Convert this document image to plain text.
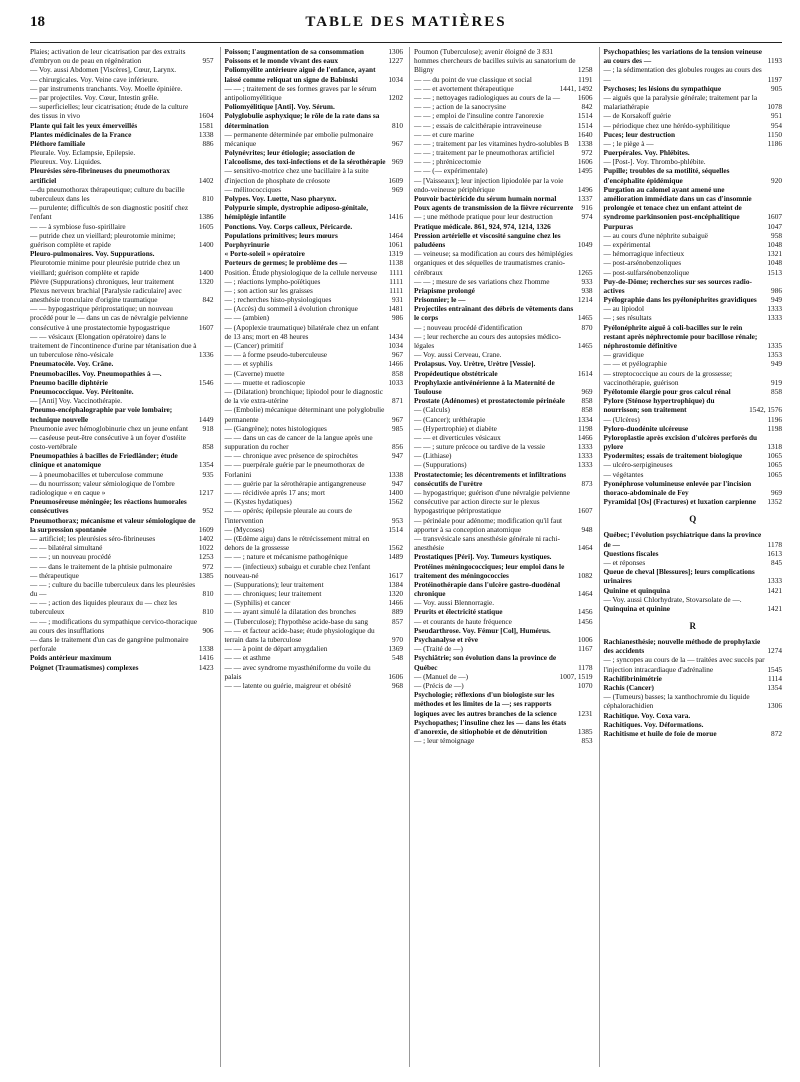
18	TABLE DES MATIÈRES
Plaies; activation de leur cicatrisation par des extraits d'embryon ou de peau en régénération	957
— Voy. aussi Abdomen [Viscères], Cœur, Larynx.
— chirurgicales. Voy. Veine cave inférieure.
— par instruments tranchants. Voy. Moelle épinière.
— par projectiles. Voy. Cœur, Intestin grêle.
— superficielles; leur cicatrisation; étude de la culture des tissus in vivo	1604
Plante qui fait les yeux émerveillés	1581
Plantes médicinales de la France	1338
Pléthore familiale	886
Pleurale. Voy. Eclampsie, Epilepsie.
Pleureux. Voy. Liquides.
Pleurésies séro-fibrineuses du pneumothorax artificiel	1402
—du pneumothorax thérapeutique; culture du bacille tuberculeux dans les	810
— purulente; difficultés de son diagnostic positif chez l'enfant	1386
— — à symbiose fuso-spirillaire	1605
— putride chez un vieillard; pleurotomie minime; guérison complète et rapide	1400
Pleuro-pulmonaires. Voy. Suppurations.
Pleurotomie minime pour pleurésie putride chez un vieillard; guérison complète et rapide	1400
Plèvre (Suppurations) chroniques, leur traitement	1320
Plexus nerveux brachial [Paralysie radiculaire] avec anesthésie tronculaire d'origine traumatique	842
— — hypogastrique périprostatique; un nouveau procédé pour le — dans un cas de névralgie pelvienne consécutive à une prostatectomie hypogastrique	1607
— — vésicaux (Elongation opératoire) dans le traitement de l'incontinence d'urine par tétanisation due à un tuberculose réno-vésicale	1336
Pneumatocèle. Voy. Crâne.
Pneumobacilles. Voy. Pneumopathies à —.
Pneumo bacille diphtérie	1546
Pneumococcique. Voy. Péritonite.
— [Anti] Voy. Vaccinothérapie.
Pneumo-encéphalographie par voie lombaire; technique nouvelle	1449
Pneumonie avec hémoglobinurie chez un jeune enfant	918
— caséeuse peut-être consécutive à un foyer d'ostéite costo-vertébrale	858
Pneumopathies à bacilles de Friedländer; étude clinique et anatomique	1354
— à pneumobacilles et tuberculose commune	935
— du nourrisson; valeur sémiologique de l'ombre radiologique « en caque »	1217
Pneumoséreuse méningée; les réactions humorales consécutives	952
Pneumothorax; mécanisme et valeur sémiologique de la surpression spontanée	1609
— artificiel; les pleurésies séro-fibrineuses	1402
— — bilatéral simultané	1022
— — ; un nouveau procédé	1253
— — dans le traitement de la phtisie pulmonaire	972
— thérapeutique	1385
— — ; culture du bacille tuberculeux dans les pleurésies du —	810
— — ; action des liquides pleuraux du — chez les tuberculeux	810
— — ; modifications du sympathique cervico-thoracique au cours des insufflations	906
— dans le traitement d'un cas de gangrène pulmonaire perforale	1338
Poids antérieur maximum	1416
Poignet (Traumatismes) complexes	1423
Poisson; l'augmentation de sa consommation	1306
Poissons et le monde vivant des eaux	1227
Poliomyélite antérieure aiguë de l'enfance, ayant laissé comme reliquat un signe de Babinski	1034
— — ; traitement de ses formes graves par le sérum antipoliomyélitique	1202
Poliomyélitique [Anti]. Voy. Sérum.
Polyglobulie asphyxique; le rôle de la rate dans sa détermination	810
— permanente déterminée par embolie pulmonaire mécanique	967
Polynévrites; leur étiologie; association de l'alcoolisme, des toxi-infections et de la sérothérapie 969
— sensitivo-motrice chez une bacillaire à la suite d'injection de phosphate de créosote	1609
— mélitococciques	969
Polypes. Voy. Luette, Naso pharynx.
Polypurie simple, dystrophie adiposo-génitale, hémiplégie infantile	1416
Ponctions. Voy. Corps calleux, Péricarde.
Populations primitives; leurs mœurs	1464
Porphyrinurie	1061
« Porte-soleil » opératoire	1319
Porteurs de germes; le problème des —	1138
Position. Étude physiologique de la cellule nerveuse	1111
— ; réactions lympho-poïétiques	1111
— ; son action sur les graisses	1111
— ; recherches histo-physiologiques	931
— (Accès) du sommeil à évolution chronique	1481
— — (ambien)	986
— (Apoplexie traumatique) bilatérale chez un enfant de 13 ans; mort en 48 heures	1434
— (Cancer) primitif	1034
— — à forme pseudo-tuberculeuse	967
— — et syphilis	1466
— (Caverne) muette	858
— — muette et radioscopie	1033
— (Dilatation) bronchique; lipiodol pour le diagnostic de la vie extra-utérine	871
— (Embolie) mécanique déterminant une polyglobulie permanente	967
— (Gangrène); notes histologiques	985
— — dans un cas de cancer de la langue après une suppuration du rocher	856
— — chronique avec présence de spirochètes	947
— — puerpérale guérie par le pneumothorax de Forlanini	1338
— — guérie par la sérothérapie antigangreneuse	947
— — récidivée après 17 ans; mort	1400
— (Kystes hydatiques)	1562
— — opérés; épilepsie pleurale au cours de l'intervention	953
— (Mycoses)	1514
— (Œdème aigu) dans le rétrécissement mitral en dehors de la grossesse	1562
— — ; nature et mécanisme pathogénique	1489
— — (infectieux) subaigu et curable chez l'enfant nouveau-né	1617
— (Suppurations); leur traitement	1384
— — chroniques; leur traitement	1320
— (Syphilis) et cancer	1466
— — ayant simulé la dilatation des bronches	889
— (Tuberculose); l'hypothèse acide-base du sang	857
— — et facteur acide-base; étude physiologique du terrain dans la tuberculose	970
— — à point de départ amygdalien	1369
— — et asthme	548
— — avec syndrome myasthéniforme du voile du palais	1606
— — latente ou guérie, maigreur et obésité	968
Poumon (Tuberculose); avenir éloigné de 3 831 hommes chercheurs de bacilles suivis au sanatorium de Bligny	1258
— — du point de vue classique et social	1191
— — et avortement thérapeutique	1441, 1492
— — ; nettoyages radiologiques au cours de la —	1606
— — ; action de la sanocrysine	842
— — ; emploi de l'insuline contre l'anorexie	1514
— — ; essais de calcithérapie intraveineuse	1514
— — et cure marine	1640
— — ; traitement par les vitamines hydro-solubles B	1338
— — ; traitement par le pneumothorax artificiel	972
— — ; phrénicectomie	1606
— — (— expérimentale)	1495
— [Vaisseaux]; leur injection lipiodolée par la voie endo-veineuse périphérique	1496
Pouvoir bactéricide du sérum humain normal	1337
Poux agents de transmission de la fièvre récurrente	916
— ; une méthode pratique pour leur destruction	974
Pratique médicale. 861, 924, 974, 1214, 1326
Pression artérielle et viscosité sanguine chez les paludéens	1049
— veineuse; sa modification au cours des hémiplégies organiques et des séquelles de traumatismes cranio-cérébraux	1265
— — ; mesure de ses variations chez l'homme	933
Priapisme prolongé	938
Prisonnier; le —	1214
Projectiles entraînant des débris de vêtements dans le corps	1465
— ; nouveau procédé d'identification	870
— ; leur recherche au cours des autopsies médico-légales	1465
— Voy. aussi Cerveau, Crane.
Prolapsus. Voy. Urètre, Urètre [Vessie].
Propédeutique obstétricale	1614
Prophylaxie antivénérienne à la Maternité de Toulouse	969
Prostate (Adénomes) et prostatectomie périnéale	858
— (Calculs)	858
— (Cancer); uréthérapie	1334
— (Hypertrophie) et diabète	1198
— — et diverticules vésicaux	1466
— — ; suture précoce ou tardive de la vessie	1333
— (Lithiase)	1333
— (Suppurations)	1333
Prostatectomie; les décentrements et infiltrations consécutifs de l'urètre	873
— hypogastrique; guérison d'une névralgie pelvienne consécutive par action directe sur le plexus hypogastrique périprostatique	1607
— périnéale pour adénome; modification qu'il faut apporter à sa conception anatomique	948
— transvésicale sans anesthésie générale ni rachi-anesthésie	1464
Prostatiques [Péri]. Voy. Tumeurs kystiques.
Protéines méningococciques; leur emploi dans le traitement des méningococcies	1082
Protéinothérapie dans l'ulcère gastro-duodénal chronique	1464
— Voy. aussi Blennorragie.
Prurits et électricité statique	1456
— et courants de haute fréquence	1456
Pseudarthrose. Voy. Fémur [Col], Humérus.
Psychanalyse et rêve	1006
— (Traité de —)	1167
Psychiâtrie; son évolution dans la province de Québec	1178
— (Manuel de —)	1007, 1519
— (Précis de —)	1070
Psychologie; réflexions d'un biologiste sur les méthodes et les limites de la —; ses rapports logiques avec les autres branches de la science	1231
Psychopathes; l'insuline chez les — dans les états d'anorexie, de sitiophobie et de dénutrition	1385
— ; leur témoignage	853
Psychopathies; les variations de la tension veineuse au cours des —	1193
— ; la sédimentation des globules rouges au cours des —	1197
Psychoses; les lésions du sympathique	905
— aiguës que la paralysie générale; traitement par la malariathérapie	1078
— de Korsakoff guérie	951
— périodique chez une hérédo-syphilitique	954
Puces; leur destruction	1150
— ; le piège à —	1186
Puerpérales. Voy. Phlébites.
— [Post-]. Voy. Thrombo-phlébite.
Pupille; troubles de sa motilité, séquelles d'encéphalite épidémique	920
Purgation au calomel ayant amené une amélioration immédiate dans un cas d'insomnie prolongée et tenace chez un enfant atteint de syndrome parkinsonien post-encéphalitique	1607
Purpuras	1047
— au cours d'une néphrite subaiguë	958
— expérimental	1048
— hémorragique infectieux	1321
— post-arsénobenzoliques	1048
— post-sulfarsénobenzolique	1513
Puy-de-Dôme; recherches sur ses sources radio-actives	986
Pyélographie dans les pyélonéphrites gravidiques	949
— au lipiodol	1333
— ; ses résultats	1333
Pyélonéphrite aiguë à coli-bacilles sur le rein restant après néphrectomie pour bacillose rénale; néphrostomie définitive	1335
— gravidique	1353
— — et pyélographie	949
— streptococcique au cours de la grossesse; vaccinothérapie, guérison	919
Pyélotomie élargie pour gros calcul rénal	858
Pylore (Sténose hypertrophique) du nourrisson; son traitement	1542, 1576
— (Ulcères)	1196
Pyloro-duodénite ulcéreuse	1198
Pyloroplastie après excision d'ulcères perforés du pylore	1318
Pyodermites; essais de traitement biologique	1065
— ulcéro-serpigineuses	1065
— végétantes	1065
Pyonéphrose volumineuse enlevée par l'incision thoraco-abdominale de Fey	969
Pyramidal [Os] (Fractures) et luxation carpienne	1352
Q
Québec; l'évolution psychiatrique dans la province de —	1178
Questions fiscales	1613
— et réponses	845
Queue de cheval [Blessures]; leurs complications urinaires	1333
Quinine et quinquina	1421
— Voy. aussi Chlorhydrate, Stovarsolate de —.
Quinquina et quinine	1421
R
Rachianesthésie; nouvelle méthode de prophylaxie des accidents	1274
— ; syncopes au cours de la — traitées avec succès par l'injection intracardiaque d'adrénaline	1545
Rachifibrinimétrie	1114
Rachis (Cancer)	1354
— (Tumeurs) basses; la xanthochromie du liquide céphalorachidien	1306
Rachitique. Voy. Coxa vara.
Rachitiques. Voy. Déformations.
Rachitisme et huile de foie de morue	872
